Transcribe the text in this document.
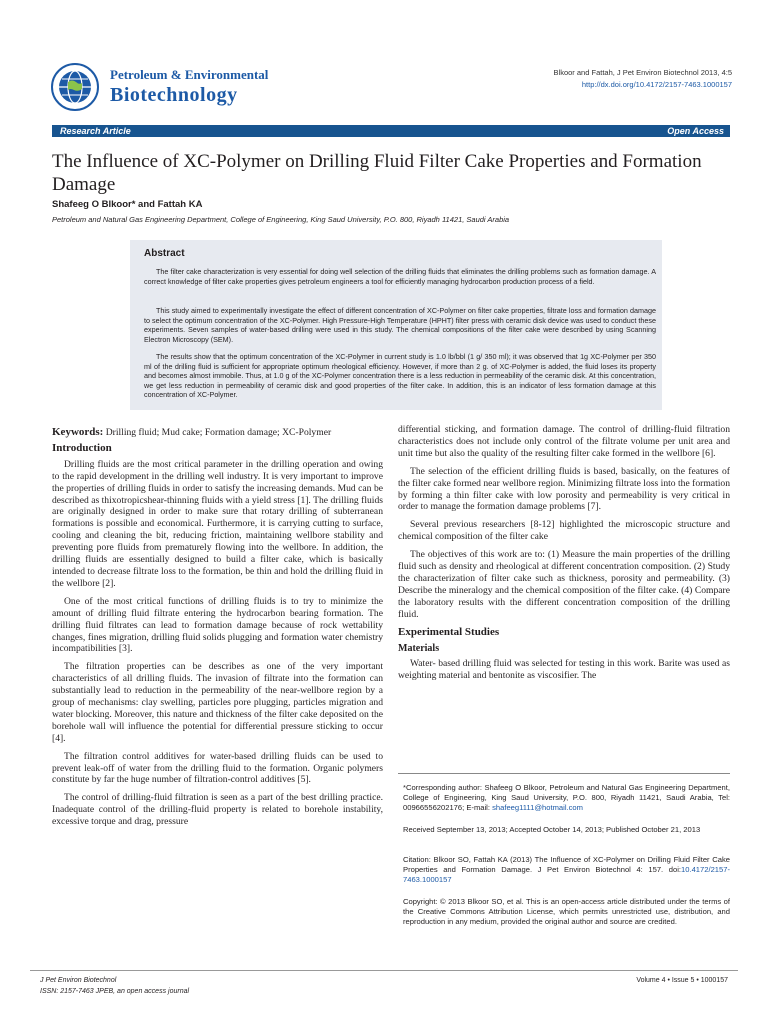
Petroleum & Environmental
Biotechnology
Blkoor and Fattah, J Pet Environ Biotechnol 2013, 4:5
http://dx.doi.org/10.4172/2157-7463.1000157
Research Article	Open Access
The Influence of XC-Polymer on Drilling Fluid Filter Cake Properties and Formation Damage
Shafeeg O Blkoor* and Fattah KA
Petroleum and Natural Gas Engineering Department, College of Engineering, King Saud University, P.O. 800, Riyadh 11421, Saudi Arabia
Abstract
The filter cake characterization is very essential for doing well selection of the drilling fluids that eliminates the drilling problems such as formation damage. A correct knowledge of filter cake properties gives petroleum engineers a tool for efficiently managing hydrocarbon production process of a field.
This study aimed to experimentally investigate the effect of different concentration of XC-Polymer on filter cake properties, filtrate loss and formation damage to select the optimum concentration of the XC-Polymer. High Pressure-High Temperature (HPHT) filter press with ceramic disk device was used to conduct these experiments. Seven samples of water-based drilling were used in this study. The chemical compositions of the filter cake were described by using Scanning Electron Microscopy (SEM).
The results show that the optimum concentration of the XC-Polymer in current study is 1.0 lb/bbl (1 g/ 350 ml); it was observed that 1g XC-Polymer per 350 ml of the drilling fluid is sufficient for appropriate optimum rheological efficiency. However, if more than 2 g. of XC-Polymer is added, the fluid loses its property and becomes almost immobile. Thus, at 1.0 g of the XC-Polymer concentration there is a less reduction in permeability of the ceramic disk. At this concentration, we get less reduction in permeability of ceramic disk and good properties of the filter cake. In addition, this is an indicator of less formation damage at this concentration of XC-Polymer.
Keywords: Drilling fluid; Mud cake; Formation damage; XC-Polymer
Introduction

Drilling fluids are the most critical parameter in the drilling operation and owing to the rapid development in the drilling well industry. It is very important to improve the properties of drilling fluids in order to satisfy the increasing demands. Mud can be described as thixotropicshear-thinning fluids with a yield stress [1]. The drilling fluids are originally designed in order to make sure that rotary drilling of subterranean formations is possible and economical. Furthermore, it is carrying cutting to surface, cooling and cleaning the bit, reducing friction, maintaining wellbore stability and preventing pore fluids from prematurely flowing into the wellbore. In addition, the drilling fluids are essentially designed to build a filter cake, which is basically intended to decrease filtrate loss to the formation, be thin and hold the drilling fluid in the wellbore [2].

One of the most critical functions of drilling fluids is to try to minimize the amount of drilling fluid filtrate entering the hydrocarbon bearing formation. The drilling fluid filtrates can lead to formation damage because of rock wettability changes, fines migration, drilling fluid solids plugging and formation water chemistry incompatibilities [3].

The filtration properties can be describes as one of the very important characteristics of all drilling fluids. The invasion of filtrate into the formation can substantially lead to reduction in the permeability of the near-wellbore region by a group of mechanisms: clay swelling, particles pore plugging, particles migration and water blocking. Moreover, this nature and thickness of the filter cake deposited on the borehole wall will influence the potential for differential pressure sticking to occur [4].

The filtration control additives for water-based drilling fluids can be used to prevent leak-off of water from the drilling fluid to the formation. Organic polymers constitute by far the huge number of filtration-control additives [5].

The control of drilling-fluid filtration is seen as a part of the best drilling practice. Inadequate control of the drilling-fluid property is related to borehole instability, excessive torque and drag, pressure

differential sticking, and formation damage. The control of drilling-fluid filtration characteristics does not include only control of the filtrate volume per unit area and unit time but also the quality of the resulting filter cake formed in the wellbore [6].

The selection of the efficient drilling fluids is based, basically, on the features of the filter cake formed near wellbore region. Minimizing filtrate loss into the formation by forming a thin filter cake with low porosity and permeability is very critical in order to manage the formation damage problems [7].

Several previous researchers [8-12] highlighted the microscopic structure and chemical composition of the filter cake

The objectives of this work are to: (1) Measure the main properties of the drilling fluid such as density and rheological at different concentration composition. (2) Study the characterization of filter cake such as thickness, porosity and permeability. (3) Describe the mineralogy and the chemical composition of the filter cake. (4) Compare the laboratory results with the different concentration composition of the drilling fluid.

Experimental Studies
Materials

Water- based drilling fluid was selected for testing in this work. Barite was used as weighting material and bentonite as viscosifier. The

*Corresponding author: Shafeeg O Blkoor, Petroleum and Natural Gas Engineering Department, College of Engineering, King Saud University, P.O. 800, Riyadh 11421, Saudi Arabia, Tel: 00966556202176; E-mail: shafeeg1111@hotmail.com
Received September 13, 2013; Accepted October 14, 2013; Published October 21, 2013
Citation: Blkoor SO, Fattah KA (2013) The Influence of XC-Polymer on Drilling Fluid Filter Cake Properties and Formation Damage. J Pet Environ Biotechnol 4: 157. doi:10.4172/2157-7463.1000157
Copyright: © 2013 Blkoor SO, et al. This is an open-access article distributed under the terms of the Creative Commons Attribution License, which permits unrestricted use, distribution, and reproduction in any medium, provided the original author and source are credited.
J Pet Environ Biotechnol
ISSN: 2157-7463 JPEB, an open access journal
Volume 4 • Issue 5 • 1000157
